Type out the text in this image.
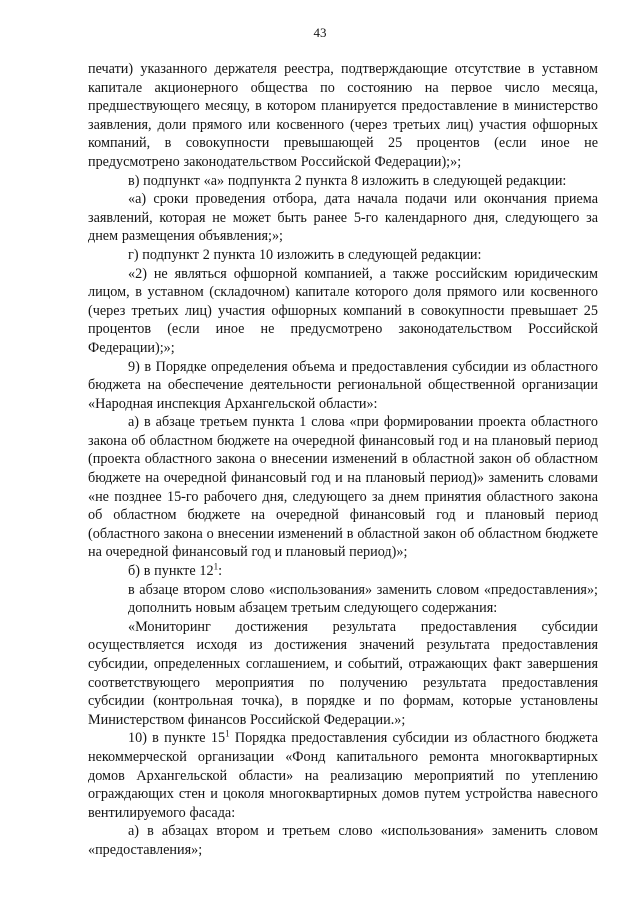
43

печати) указанного держателя реестра, подтверждающие отсутствие в уставном капитале акционерного общества по состоянию на первое число месяца, предшествующего месяцу, в котором планируется предоставление в министерство заявления, доли прямого или косвенного (через третьих лиц) участия офшорных компаний, в совокупности превышающей 25 процентов (если иное не предусмотрено законодательством Российской Федерации);»;

в) подпункт «а» подпункта 2 пункта 8 изложить в следующей редакции:

«а) сроки проведения отбора, дата начала подачи или окончания приема заявлений, которая не может быть ранее 5-го календарного дня, следующего за днем размещения объявления;»;

г) подпункт 2 пункта 10 изложить в следующей редакции:

«2) не являться офшорной компанией, а также российским юридическим лицом, в уставном (складочном) капитале которого доля прямого или косвенного (через третьих лиц) участия офшорных компаний в совокупности превышает 25 процентов (если иное не предусмотрено законодательством Российской Федерации);»;

9) в Порядке определения объема и предоставления субсидии из областного бюджета на обеспечение деятельности региональной общественной организации «Народная инспекция Архангельской области»:

а) в абзаце третьем пункта 1 слова «при формировании проекта областного закона об областном бюджете на очередной финансовый год и на плановый период (проекта областного закона о внесении изменений в областной закон об областном бюджете на очередной финансовый год и на плановый период)» заменить словами «не позднее 15-го рабочего дня, следующего за днем принятия областного закона об областном бюджете на очередной финансовый год и плановый период (областного закона о внесении изменений в областной закон об областном бюджете на очередной финансовый год и плановый период)»;

б) в пункте $12^1$:

в абзаце втором слово «использования» заменить словом «предоставления»;

дополнить новым абзацем третьим следующего содержания:

«Мониторинг достижения результата предоставления субсидии осуществляется исходя из достижения значений результата предоставления субсидии, определенных соглашением, и событий, отражающих факт завершения соответствующего мероприятия по получению результата предоставления субсидии (контрольная точка), в порядке и по формам, которые установлены Министерством финансов Российской Федерации.»;

10) в пункте $15^1$ Порядка предоставления субсидии из областного бюджета некоммерческой организации «Фонд капитального ремонта многоквартирных домов Архангельской области» на реализацию мероприятий по утеплению ограждающих стен и цоколя многоквартирных домов путем устройства навесного вентилируемого фасада:

а) в абзацах втором и третьем слово «использования» заменить словом «предоставления»;
